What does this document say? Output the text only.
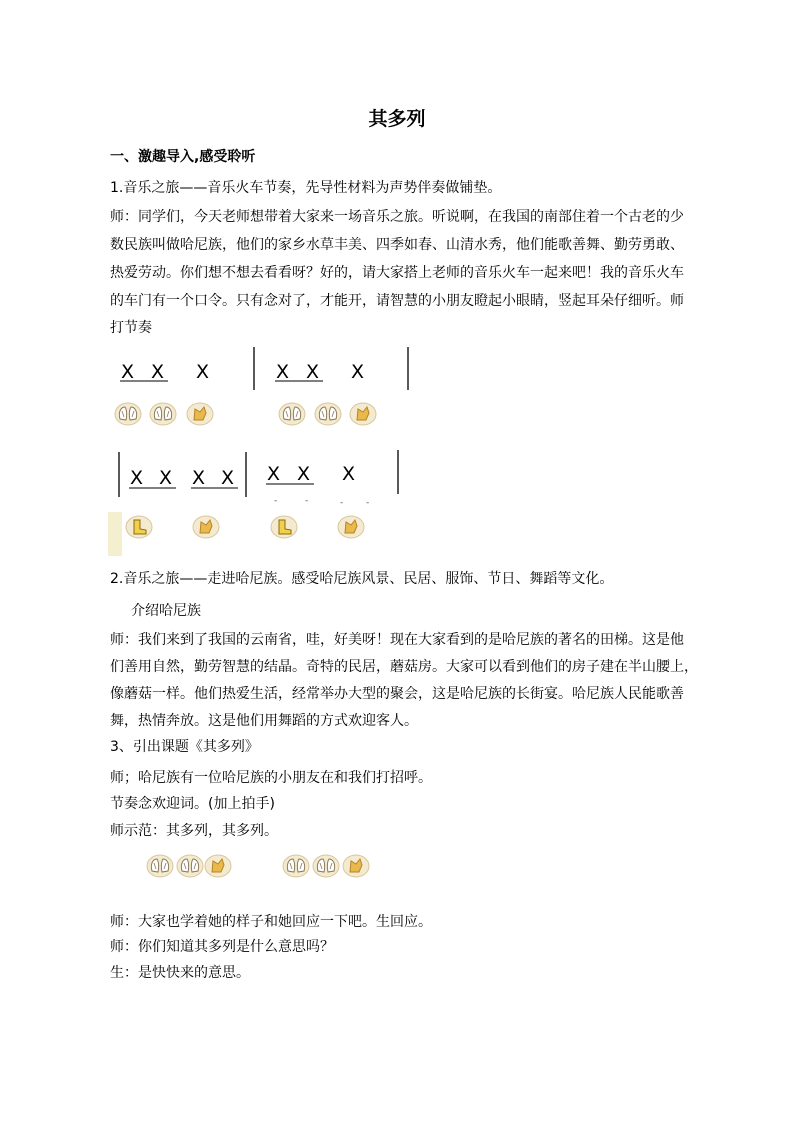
其多列
一、激趣导入,感受聆听
1.音乐之旅——音乐火车节奏，先导性材料为声势伴奏做铺垫。
师：同学们，今天老师想带着大家来一场音乐之旅。听说啊，在我国的南部住着一个古老的少
数民族叫做哈尼族，他们的家乡水草丰美、四季如春、山清水秀，他们能歌善舞、勤劳勇敢、
热爱劳动。你们想不想去看看呀？好的，请大家搭上老师的音乐火车一起来吧！我的音乐火车
的车门有一个口令。只有念对了，才能开，请智慧的小朋友瞪起小眼睛，竖起耳朵仔细听。师
打节奏
X X X	X X X
X X X X X X X
-	-	-	-
2.音乐之旅——走进哈尼族。感受哈尼族风景、民居、服饰、节日、舞蹈等文化。
介绍哈尼族
师：我们来到了我国的云南省，哇，好美呀！现在大家看到的是哈尼族的著名的田梯。这是他
们善用自然，勤劳智慧的结晶。奇特的民居，蘑菇房。大家可以看到他们的房子建在半山腰上，
像蘑菇一样。他们热爱生活，经常举办大型的聚会，这是哈尼族的长街宴。哈尼族人民能歌善
舞，热情奔放。这是他们用舞蹈的方式欢迎客人。
3、引出课题《其多列》
师；哈尼族有一位哈尼族的小朋友在和我们打招呼。
节奏念欢迎词。(加上拍手)
师示范：其多列，其多列。
师：大家也学着她的样子和她回应一下吧。生回应。
师：你们知道其多列是什么意思吗？
生：是快快来的意思。
